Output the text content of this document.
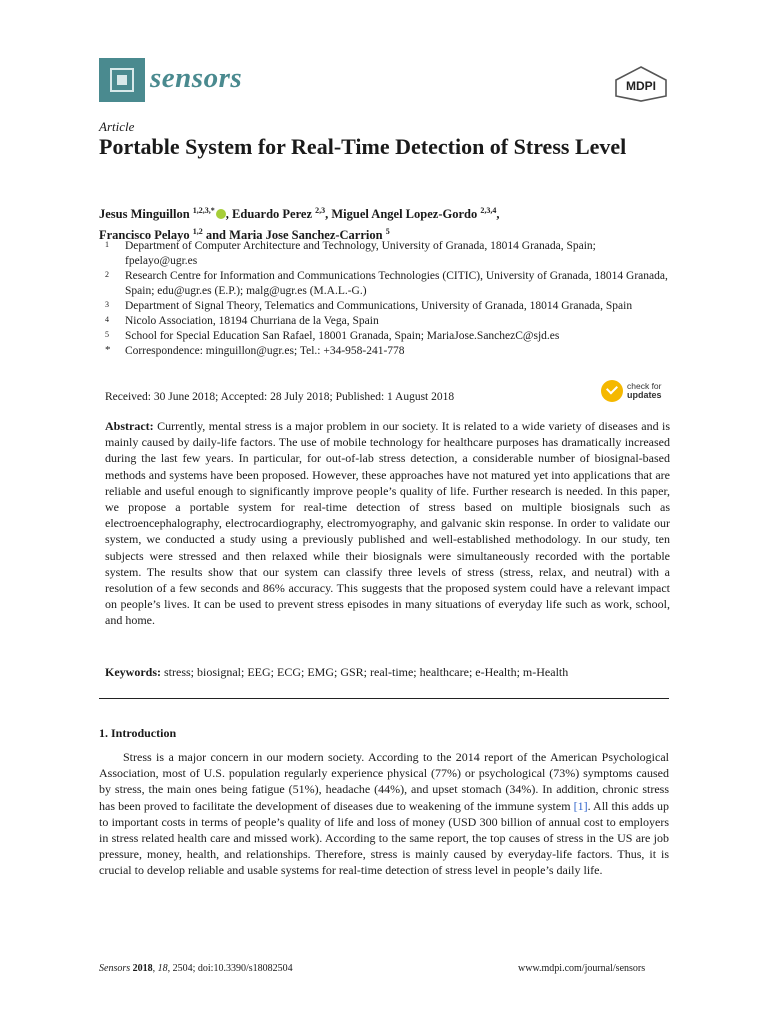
sensors	MDPI
Article
Portable System for Real-Time Detection of Stress Level
Jesus Minguillon $^{1,2,3,*}$ , Eduardo Perez $^{2,3}$, Miguel Angel Lopez-Gordo $^{2,3,4}$,
Francisco Pelayo $^{1,2}$ and Maria Jose Sanchez-Carrion $^5$
1	Department of Computer Architecture and Technology, University of Granada, 18014 Granada, Spain; fpelayo@ugr.es
2	Research Centre for Information and Communications Technologies (CITIC), University of Granada, 18014 Granada, Spain; edu@ugr.es (E.P.); malg@ugr.es (M.A.L.-G.)
3	Department of Signal Theory, Telematics and Communications, University of Granada, 18014 Granada, Spain
4	Nicolo Association, 18194 Churriana de la Vega, Spain
5	School for Special Education San Rafael, 18001 Granada, Spain; MariaJose.SanchezC@sjd.es
*	Correspondence: minguillon@ugr.es; Tel.: +34-958-241-778
Received: 30 June 2018; Accepted: 28 July 2018; Published: 1 August 2018
check for
updates
Abstract: Currently, mental stress is a major problem in our society. It is related to a wide variety of diseases and is mainly caused by daily-life factors. The use of mobile technology for healthcare purposes has dramatically increased during the last few years. In particular, for out-of-lab stress detection, a considerable number of biosignal-based methods and systems have been proposed. However, these approaches have not matured yet into applications that are reliable and useful enough to significantly improve people’s quality of life. Further research is needed. In this paper, we propose a portable system for real-time detection of stress based on multiple biosignals such as electroencephalography, electrocardiography, electromyography, and galvanic skin response. In order to validate our system, we conducted a study using a previously published and well-established methodology. In our study, ten subjects were stressed and then relaxed while their biosignals were simultaneously recorded with the portable system. The results show that our system can classify three levels of stress (stress, relax, and neutral) with a resolution of a few seconds and 86% accuracy. This suggests that the proposed system could have a relevant impact on people’s lives. It can be used to prevent stress episodes in many situations of everyday life such as work, school, and home.
Keywords: stress; biosignal; EEG; ECG; EMG; GSR; real-time; healthcare; e-Health; m-Health
1. Introduction
Stress is a major concern in our modern society. According to the 2014 report of the American Psychological Association, most of U.S. population regularly experience physical (77%) or psychological (73%) symptoms caused by stress, the main ones being fatigue (51%), headache (44%), and upset stomach (34%). In addition, chronic stress has been proved to facilitate the development of diseases due to weakening of the immune system [1]. All this adds up to important costs in terms of people’s quality of life and loss of money (USD 300 billion of annual cost to employers in stress related health care and missed work). According to the same report, the top causes of stress in the US are job pressure, money, health, and relationships. Therefore, stress is mainly caused by everyday-life factors. Thus, it is crucial to develop reliable and usable systems for real-time detection of stress level in people’s daily life.
Sensors 2018, 18, 2504; doi:10.3390/s18082504	www.mdpi.com/journal/sensors
